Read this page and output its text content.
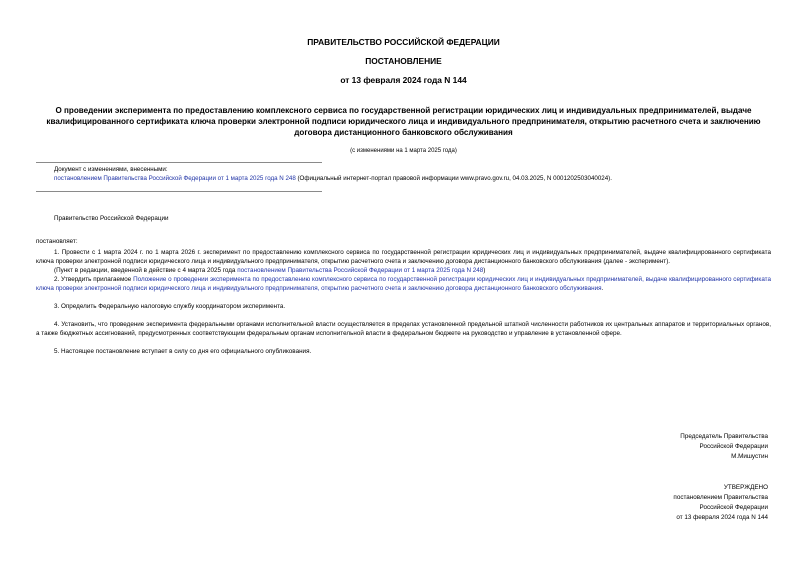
ПРАВИТЕЛЬСТВО РОССИЙСКОЙ ФЕДЕРАЦИИ
ПОСТАНОВЛЕНИЕ
от 13 февраля 2024 года N 144
О проведении эксперимента по предоставлению комплексного сервиса по государственной регистрации юридических лиц и индивидуальных предпринимателей, выдаче квалифицированного сертификата ключа проверки электронной подписи юридического лица и индивидуального предпринимателя, открытию расчетного счета и заключению договора дистанционного банковского обслуживания
(с изменениями на 1 марта 2025 года)
Документ с изменениями, внесенными:
постановлением Правительства Российской Федерации от 1 марта 2025 года N 248 (Официальный интернет-портал правовой информации www.pravo.gov.ru, 04.03.2025, N 0001202503040024).
Правительство Российской Федерации
постановляет:

1. Провести с 1 марта 2024 г. по 1 марта 2026 г. эксперимент по предоставлению комплексного сервиса по государственной регистрации юридических лиц и индивидуальных предпринимателей, выдаче квалифицированного сертификата ключа проверки электронной подписи юридического лица и индивидуального предпринимателя, открытию расчетного счета и заключению договора дистанционного банковского обслуживания (далее - эксперимент).

(Пункт в редакции, введенной в действие с 4 марта 2025 года постановлением Правительства Российской Федерации от 1 марта 2025 года N 248)

2. Утвердить прилагаемое Положение о проведении эксперимента по предоставлению комплексного сервиса по государственной регистрации юридических лиц и индивидуальных предпринимателей, выдаче квалифицированного сертификата ключа проверки электронной подписи юридического лица и индивидуального предпринимателя, открытию расчетного счета и заключению договора дистанционного банковского обслуживания.

3. Определить Федеральную налоговую службу координатором эксперимента.

4. Установить, что проведение эксперимента федеральными органами исполнительной власти осуществляется в пределах установленной предельной штатной численности работников их центральных аппаратов и территориальных органов, а также бюджетных ассигнований, предусмотренных соответствующим федеральным органам исполнительной власти в федеральном бюджете на руководство и управление в установленной сфере.

5. Настоящее постановление вступает в силу со дня его официального опубликования.

Председатель Правительства
Российской Федерации
М.Мишустин
УТВЕРЖДЕНО
постановлением Правительства
Российской Федерации
от 13 февраля 2024 года N 144
